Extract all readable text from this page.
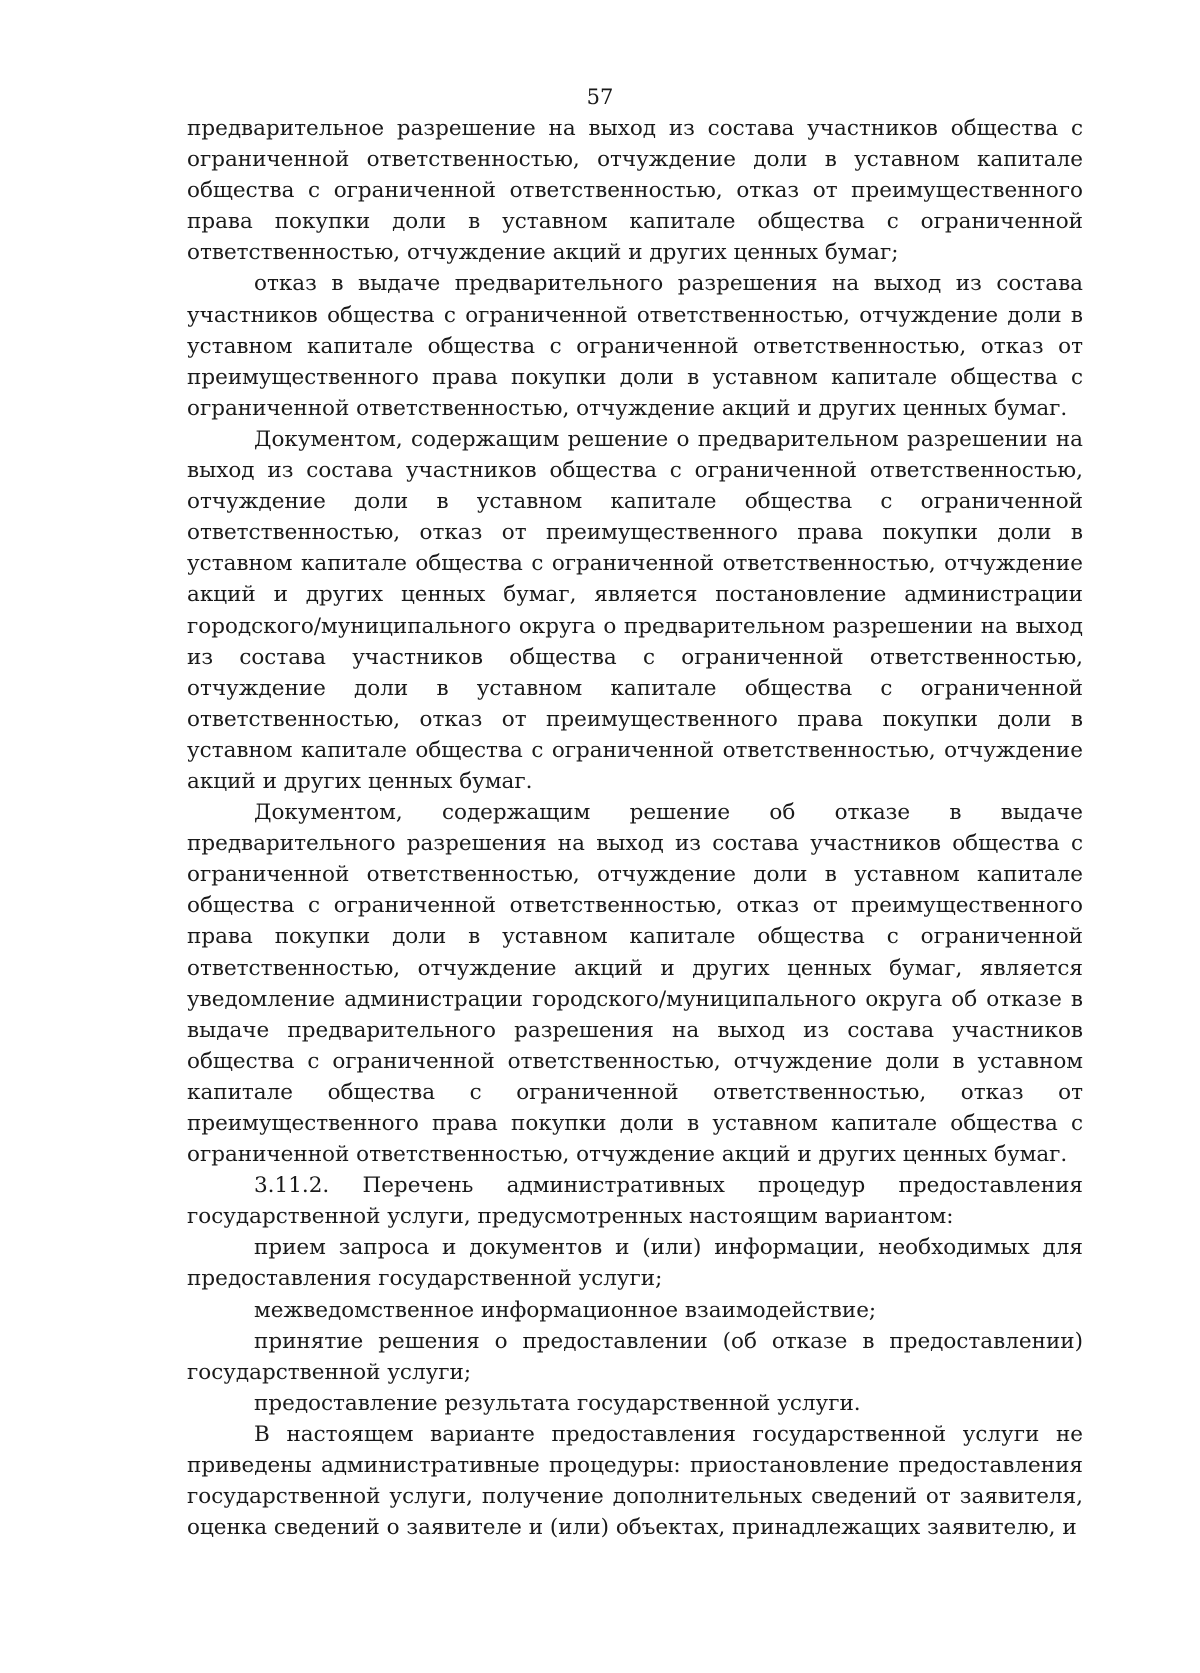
57

предварительное разрешение на выход из состава участников общества с ограниченной ответственностью, отчуждение доли в уставном капитале общества с ограниченной ответственностью, отказ от преимущественного права покупки доли в уставном капитале общества с ограниченной ответственностью, отчуждение акций и других ценных бумаг;

отказ в выдаче предварительного разрешения на выход из состава участников общества с ограниченной ответственностью, отчуждение доли в уставном капитале общества с ограниченной ответственностью, отказ от преимущественного права покупки доли в уставном капитале общества с ограниченной ответственностью, отчуждение акций и других ценных бумаг.

Документом, содержащим решение о предварительном разрешении на выход из состава участников общества с ограниченной ответственностью, отчуждение доли в уставном капитале общества с ограниченной ответственностью, отказ от преимущественного права покупки доли в уставном капитале общества с ограниченной ответственностью, отчуждение акций и других ценных бумаг, является постановление администрации городского/муниципального округа о предварительном разрешении на выход из состава участников общества с ограниченной ответственностью, отчуждение доли в уставном капитале общества с ограниченной ответственностью, отказ от преимущественного права покупки доли в уставном капитале общества с ограниченной ответственностью, отчуждение акций и других ценных бумаг.

Документом, содержащим решение об отказе в выдаче предварительного разрешения на выход из состава участников общества с ограниченной ответственностью, отчуждение доли в уставном капитале общества с ограниченной ответственностью, отказ от преимущественного права покупки доли в уставном капитале общества с ограниченной ответственностью, отчуждение акций и других ценных бумаг, является уведомление администрации городского/муниципального округа об отказе в выдаче предварительного разрешения на выход из состава участников общества с ограниченной ответственностью, отчуждение доли в уставном капитале общества с ограниченной ответственностью, отказ от преимущественного права покупки доли в уставном капитале общества с ограниченной ответственностью, отчуждение акций и других ценных бумаг.

3.11.2. Перечень административных процедур предоставления государственной услуги, предусмотренных настоящим вариантом:

прием запроса и документов и (или) информации, необходимых для предоставления государственной услуги;

межведомственное информационное взаимодействие;

принятие решения о предоставлении (об отказе в предоставлении) государственной услуги;

предоставление результата государственной услуги.

В настоящем варианте предоставления государственной услуги не приведены административные процедуры: приостановление предоставления государственной услуги, получение дополнительных сведений от заявителя, оценка сведений о заявителе и (или) объектах, принадлежащих заявителю, и
